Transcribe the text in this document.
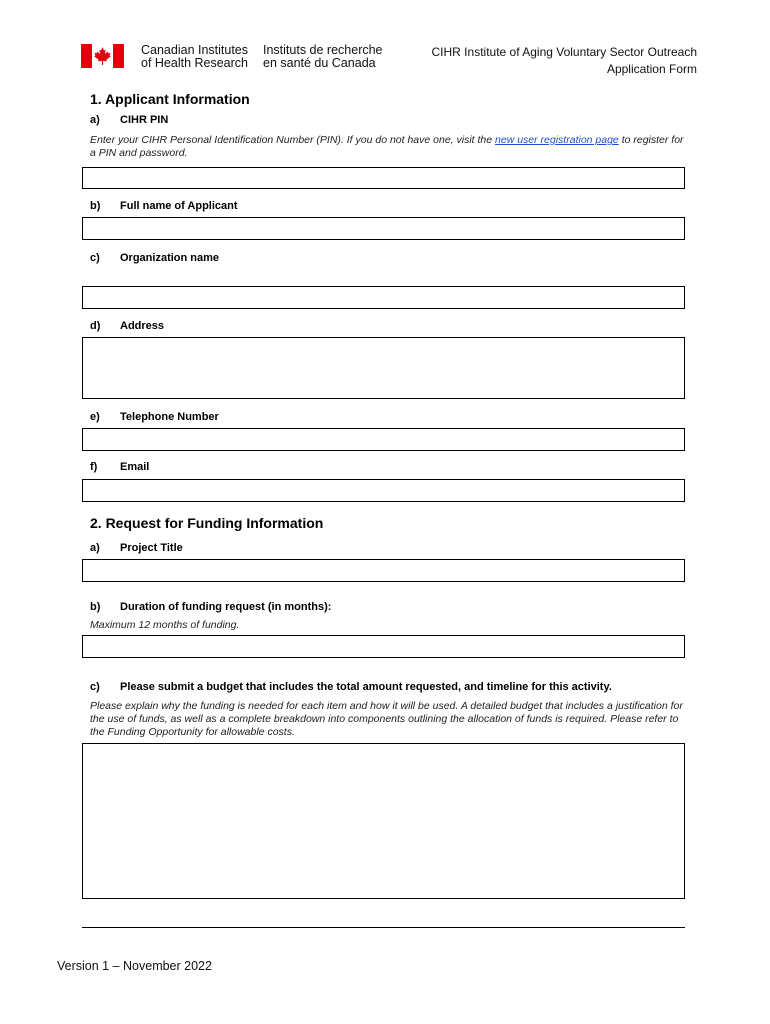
Canadian Institutes
of Health Research
Instituts de recherche
en santé du Canada
CIHR Institute of Aging Voluntary Sector Outreach
Application Form
1. Applicant Information
a) CIHR PIN
Enter your CIHR Personal Identification Number (PIN). If you do not have one, visit the new user registration page to register for a PIN and password.
b) Full name of Applicant
c) Organization name
d) Address
e) Telephone Number
f) Email
2. Request for Funding Information
a) Project Title
b) Duration of funding request (in months):
Maximum 12 months of funding.
c) Please submit a budget that includes the total amount requested, and timeline for this activity.
Please explain why the funding is needed for each item and how it will be used. A detailed budget that includes a justification for the use of funds, as well as a complete breakdown into components outlining the allocation of funds is required. Please refer to the Funding Opportunity for allowable costs.
Version 1 – November 2022
